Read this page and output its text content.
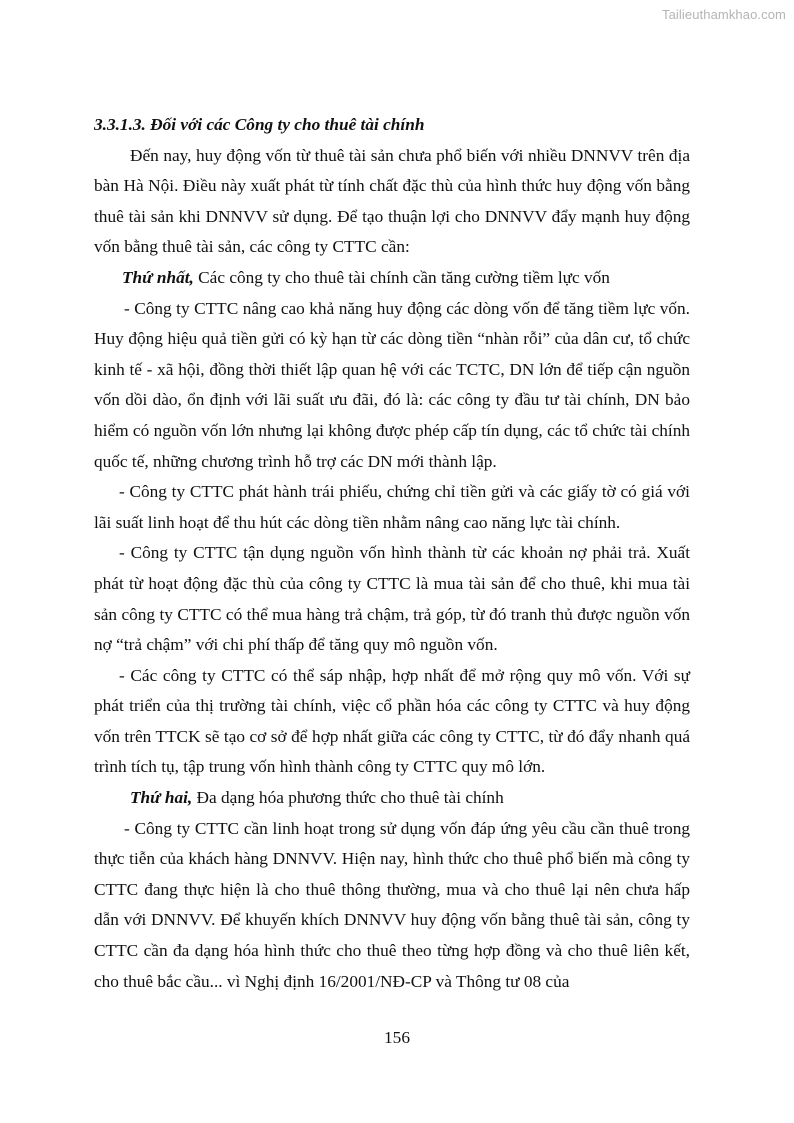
Tailieuthamkhao.com

3.3.1.3. Đối với các Công ty cho thuê tài chính

Đến nay, huy động vốn từ thuê tài sản chưa phổ biến với nhiều DNNVV trên địa bàn Hà Nội. Điều này xuất phát từ tính chất đặc thù của hình thức huy động vốn bằng thuê tài sản khi DNNVV sử dụng. Để tạo thuận lợi cho DNNVV đẩy mạnh huy động vốn bằng thuê tài sản, các công ty CTTC cần:

Thứ nhất, Các công ty cho thuê tài chính cần tăng cường tiềm lực vốn

- Công ty CTTC nâng cao khả năng huy động các dòng vốn để tăng tiềm lực vốn. Huy động hiệu quả tiền gửi có kỳ hạn từ các dòng tiền “nhàn rỗi” của dân cư, tổ chức kinh tế - xã hội, đồng thời thiết lập quan hệ với các TCTC, DN lớn để tiếp cận nguồn vốn dồi dào, ổn định với lãi suất ưu đãi, đó là: các công ty đầu tư tài chính, DN bảo hiểm có nguồn vốn lớn nhưng lại không được phép cấp tín dụng, các tổ chức tài chính quốc tế, những chương trình hỗ trợ các DN mới thành lập.

- Công ty CTTC phát hành trái phiếu, chứng chỉ tiền gửi và các giấy tờ có giá với lãi suất linh hoạt để thu hút các dòng tiền nhằm nâng cao năng lực tài chính.

- Công ty CTTC tận dụng nguồn vốn hình thành từ các khoản nợ phải trả. Xuất phát từ hoạt động đặc thù của công ty CTTC là mua tài sản để cho thuê, khi mua tài sản công ty CTTC có thể mua hàng trả chậm, trả góp, từ đó tranh thủ được nguồn vốn nợ “trả chậm” với chi phí thấp để tăng quy mô nguồn vốn.

- Các công ty CTTC có thể sáp nhập, hợp nhất để mở rộng quy mô vốn. Với sự phát triển của thị trường tài chính, việc cổ phần hóa các công ty CTTC và huy động vốn trên TTCK sẽ tạo cơ sở để hợp nhất giữa các công ty CTTC, từ đó đẩy nhanh quá trình tích tụ, tập trung vốn hình thành công ty CTTC quy mô lớn.

Thứ hai, Đa dạng hóa phương thức cho thuê tài chính

- Công ty CTTC cần linh hoạt trong sử dụng vốn đáp ứng yêu cầu cần thuê trong thực tiễn của khách hàng DNNVV. Hiện nay, hình thức cho thuê phổ biến mà công ty CTTC đang thực hiện là cho thuê thông thường, mua và cho thuê lại nên chưa hấp dẫn với DNNVV. Để khuyến khích DNNVV huy động vốn bằng thuê tài sản, công ty CTTC cần đa dạng hóa hình thức cho thuê theo từng hợp đồng và cho thuê liên kết, cho thuê bắc cầu... vì Nghị định 16/2001/NĐ-CP và Thông tư 08 của

156
